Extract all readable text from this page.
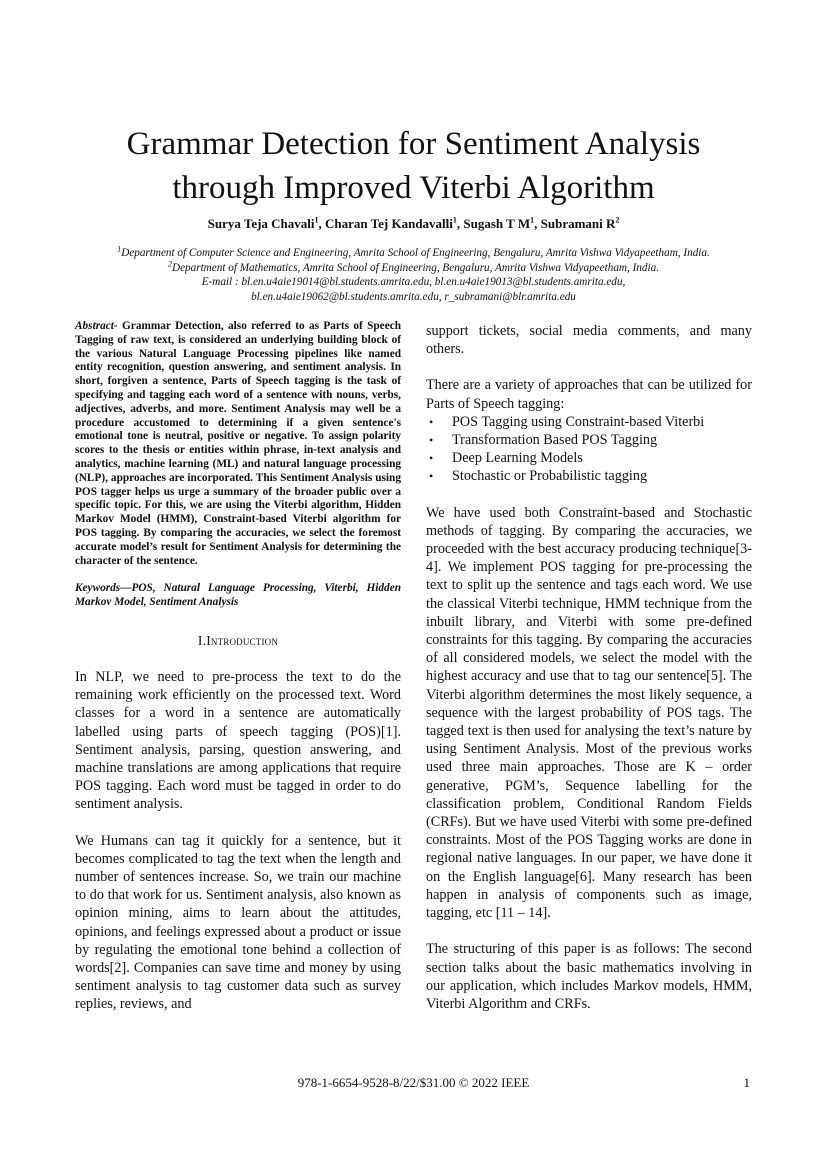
Grammar Detection for Sentiment Analysis
through Improved Viterbi Algorithm
Surya Teja Chavali$^1$, Charan Tej Kandavalli$^1$, Sugash T $M^1$, Subramani $R^2$
$^1$Department of Computer Science and Engineering, Amrita School of Engineering, Bengaluru, Amrita Vishwa Vidyapeetham, India.
$^2$Department of Mathematics, Amrita School of Engineering, Bengaluru, Amrita Vishwa Vidyapeetham, India.
E-mail : bl.en.u4aie19014@bl.students.amrita.edu, bl.en.u4aie19013@bl.students.amrita.edu,
bl.en.u4aie19062@bl.students.amrita.edu, r_subramani@blr.amrita.edu

Abstract- Grammar Detection, also referred to as Parts of Speech Tagging of raw text, is considered an underlying building block of the various Natural Language Processing pipelines like named entity recognition, question answering, and sentiment analysis. In short, forgiven a sentence, Parts of Speech tagging is the task of specifying and tagging each word of a sentence with nouns, verbs, adjectives, adverbs, and more. Sentiment Analysis may well be a procedure accustomed to determining if a given sentence's emotional tone is neutral, positive or negative. To assign polarity scores to the thesis or entities within phrase, in-text analysis and analytics, machine learning (ML) and natural language processing (NLP), approaches are incorporated. This Sentiment Analysis using POS tagger helps us urge a summary of the broader public over a specific topic. For this, we are using the Viterbi algorithm, Hidden Markov Model (HMM), Constraint-based Viterbi algorithm for POS tagging. By comparing the accuracies, we select the foremost accurate model’s result for Sentiment Analysis for determining the character of the sentence.

Keywords—POS, Natural Language Processing, Viterbi, Hidden Markov Model, Sentiment Analysis

I.Introduction

In NLP, we need to pre-process the text to do the remaining work efficiently on the processed text. Word classes for a word in a sentence are automatically labelled using parts of speech tagging (POS)[1]. Sentiment analysis, parsing, question answering, and machine translations are among applications that require POS tagging. Each word must be tagged in order to do sentiment analysis.

We Humans can tag it quickly for a sentence, but it becomes complicated to tag the text when the length and number of sentences increase. So, we train our machine to do that work for us. Sentiment analysis, also known as opinion mining, aims to learn about the attitudes, opinions, and feelings expressed about a product or issue by regulating the emotional tone behind a collection of words[2]. Companies can save time and money by using sentiment analysis to tag customer data such as survey replies, reviews, and

support tickets, social media comments, and many others.

There are a variety of approaches that can be utilized for Parts of Speech tagging:

• POS Tagging using Constraint-based Viterbi
• Transformation Based POS Tagging
• Deep Learning Models
• Stochastic or Probabilistic tagging

We have used both Constraint-based and Stochastic methods of tagging. By comparing the accuracies, we proceeded with the best accuracy producing technique[3-4]. We implement POS tagging for pre-processing the text to split up the sentence and tags each word. We use the classical Viterbi technique, HMM technique from the inbuilt library, and Viterbi with some pre-defined constraints for this tagging. By comparing the accuracies of all considered models, we select the model with the highest accuracy and use that to tag our sentence[5]. The Viterbi algorithm determines the most likely sequence, a sequence with the largest probability of POS tags. The tagged text is then used for analysing the text’s nature by using Sentiment Analysis. Most of the previous works used three main approaches. Those are K – order generative, PGM’s, Sequence labelling for the classification problem, Conditional Random Fields (CRFs). But we have used Viterbi with some pre-defined constraints. Most of the POS Tagging works are done in regional native languages. In our paper, we have done it on the English language[6]. Many research has been happen in analysis of components such as image, tagging, etc [11 – 14].

The structuring of this paper is as follows: The second section talks about the basic mathematics involving in our application, which includes Markov models, HMM, Viterbi Algorithm and CRFs.

978-1-6654-9528-8/22/$31.00 © 2022 IEEE	1
